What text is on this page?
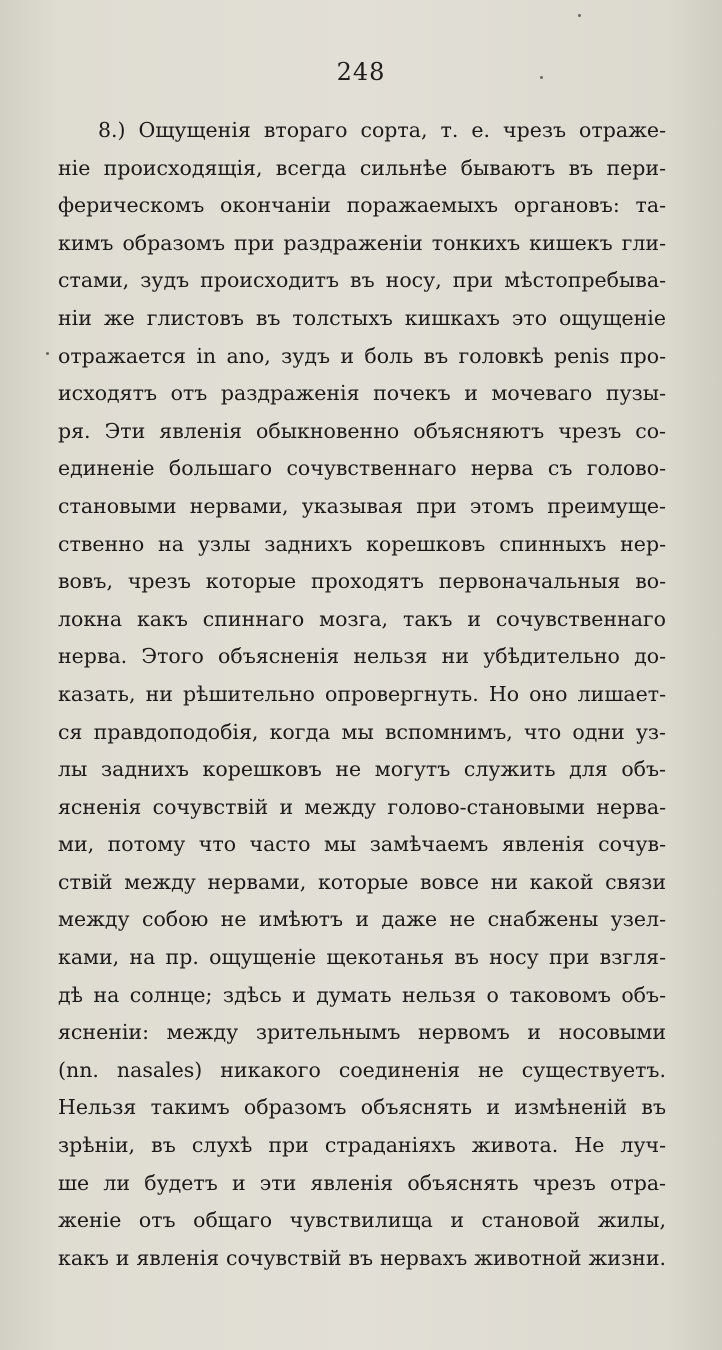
248
8.) Ощущенія втораго сорта, т. е. чрезъ отраже-
ніе происходящія, всегда сильнѣе бываютъ въ пери-
ферическомъ окончаніи поражаемыхъ органовъ: та-
кимъ образомъ при раздраженіи тонкихъ кишекъ гли-
стами, зудъ происходитъ въ носу, при мѣстопребыва-
ніи же глистовъ въ толстыхъ кишкахъ это ощущеніе
отражается in ano, зудъ и боль въ головкѣ penis про-
исходятъ отъ раздраженія почекъ и мочеваго пузы-
ря. Эти явленія обыкновенно объясняютъ чрезъ со-
единеніе большаго сочувственнаго нерва съ голово-
становыми нервами, указывая при этомъ преимуще-
ственно на узлы заднихъ корешковъ спинныхъ нер-
вовъ, чрезъ которые проходятъ первоначальныя во-
локна какъ спиннаго мозга, такъ и сочувственнаго
нерва. Этого объясненія нельзя ни убѣдительно до-
казать, ни рѣшительно опровергнуть. Но оно лишает-
ся правдоподобія, когда мы вспомнимъ, что одни уз-
лы заднихъ корешковъ не могутъ служить для объ-
ясненія сочувствій и между голово-становыми нерва-
ми, потому что часто мы замѣчаемъ явленія сочув-
ствій между нервами, которые вовсе ни какой связи
между собою не имѣютъ и даже не снабжены узел-
ками, на пр. ощущеніе щекотанья въ носу при взгля-
дѣ на солнце; здѣсь и думать нельзя о таковомъ объ-
ясненіи: между зрительнымъ нервомъ и носовыми
(nn. nasales) никакого соединенія не существуетъ.
Нельзя такимъ образомъ объяснять и измѣненій въ
зрѣніи, въ слухѣ при страданіяхъ живота. Не луч-
ше ли будетъ и эти явленія объяснять чрезъ отра-
женіе отъ общаго чувствилища и становой жилы,
какъ и явленія сочувствій въ нервахъ животной жизни.
